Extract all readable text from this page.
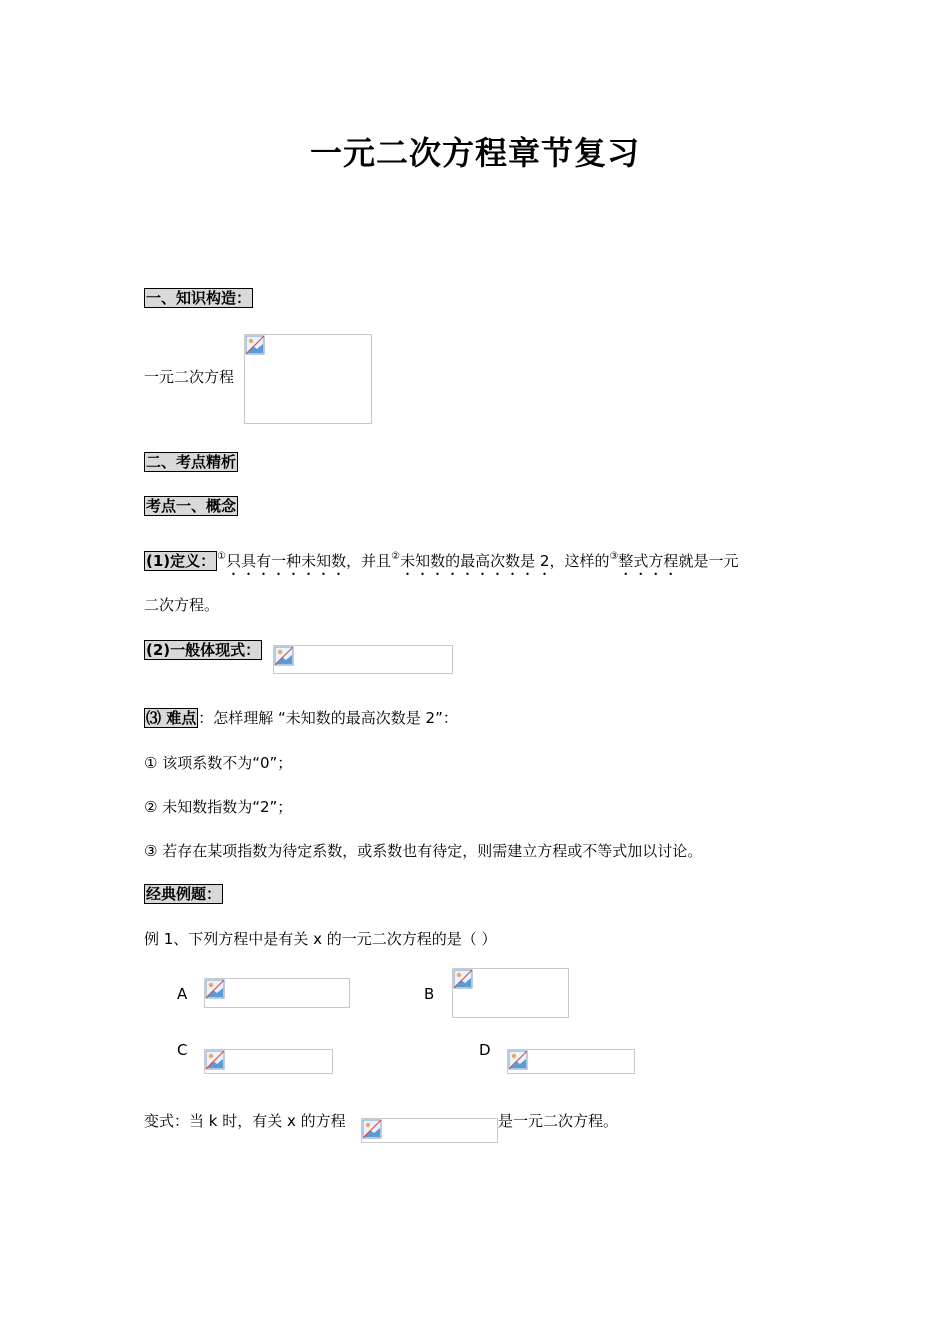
一元二次方程章节复习
一、知识构造：
一元二次方程
二、考点精析
考点一、概念
(1)定义： ①只具有一种未知数，并且②未知数的最高次数是 2，这样的③整式方程就是一元
二次方程。
(2)一般体现式：
⑶ 难点 ：怎样理解 “未知数的最高次数是 2”：
① 该项系数不为“0”；
② 未知数指数为“2”；
③ 若存在某项指数为待定系数，或系数也有待定，则需建立方程或不等式加以讨论。
经典例题：
例 1、下列方程中是有关 x 的一元二次方程的是（ ）
A	B
C	D
变式：当 k 时，有关 x 的方程	是一元二次方程。
